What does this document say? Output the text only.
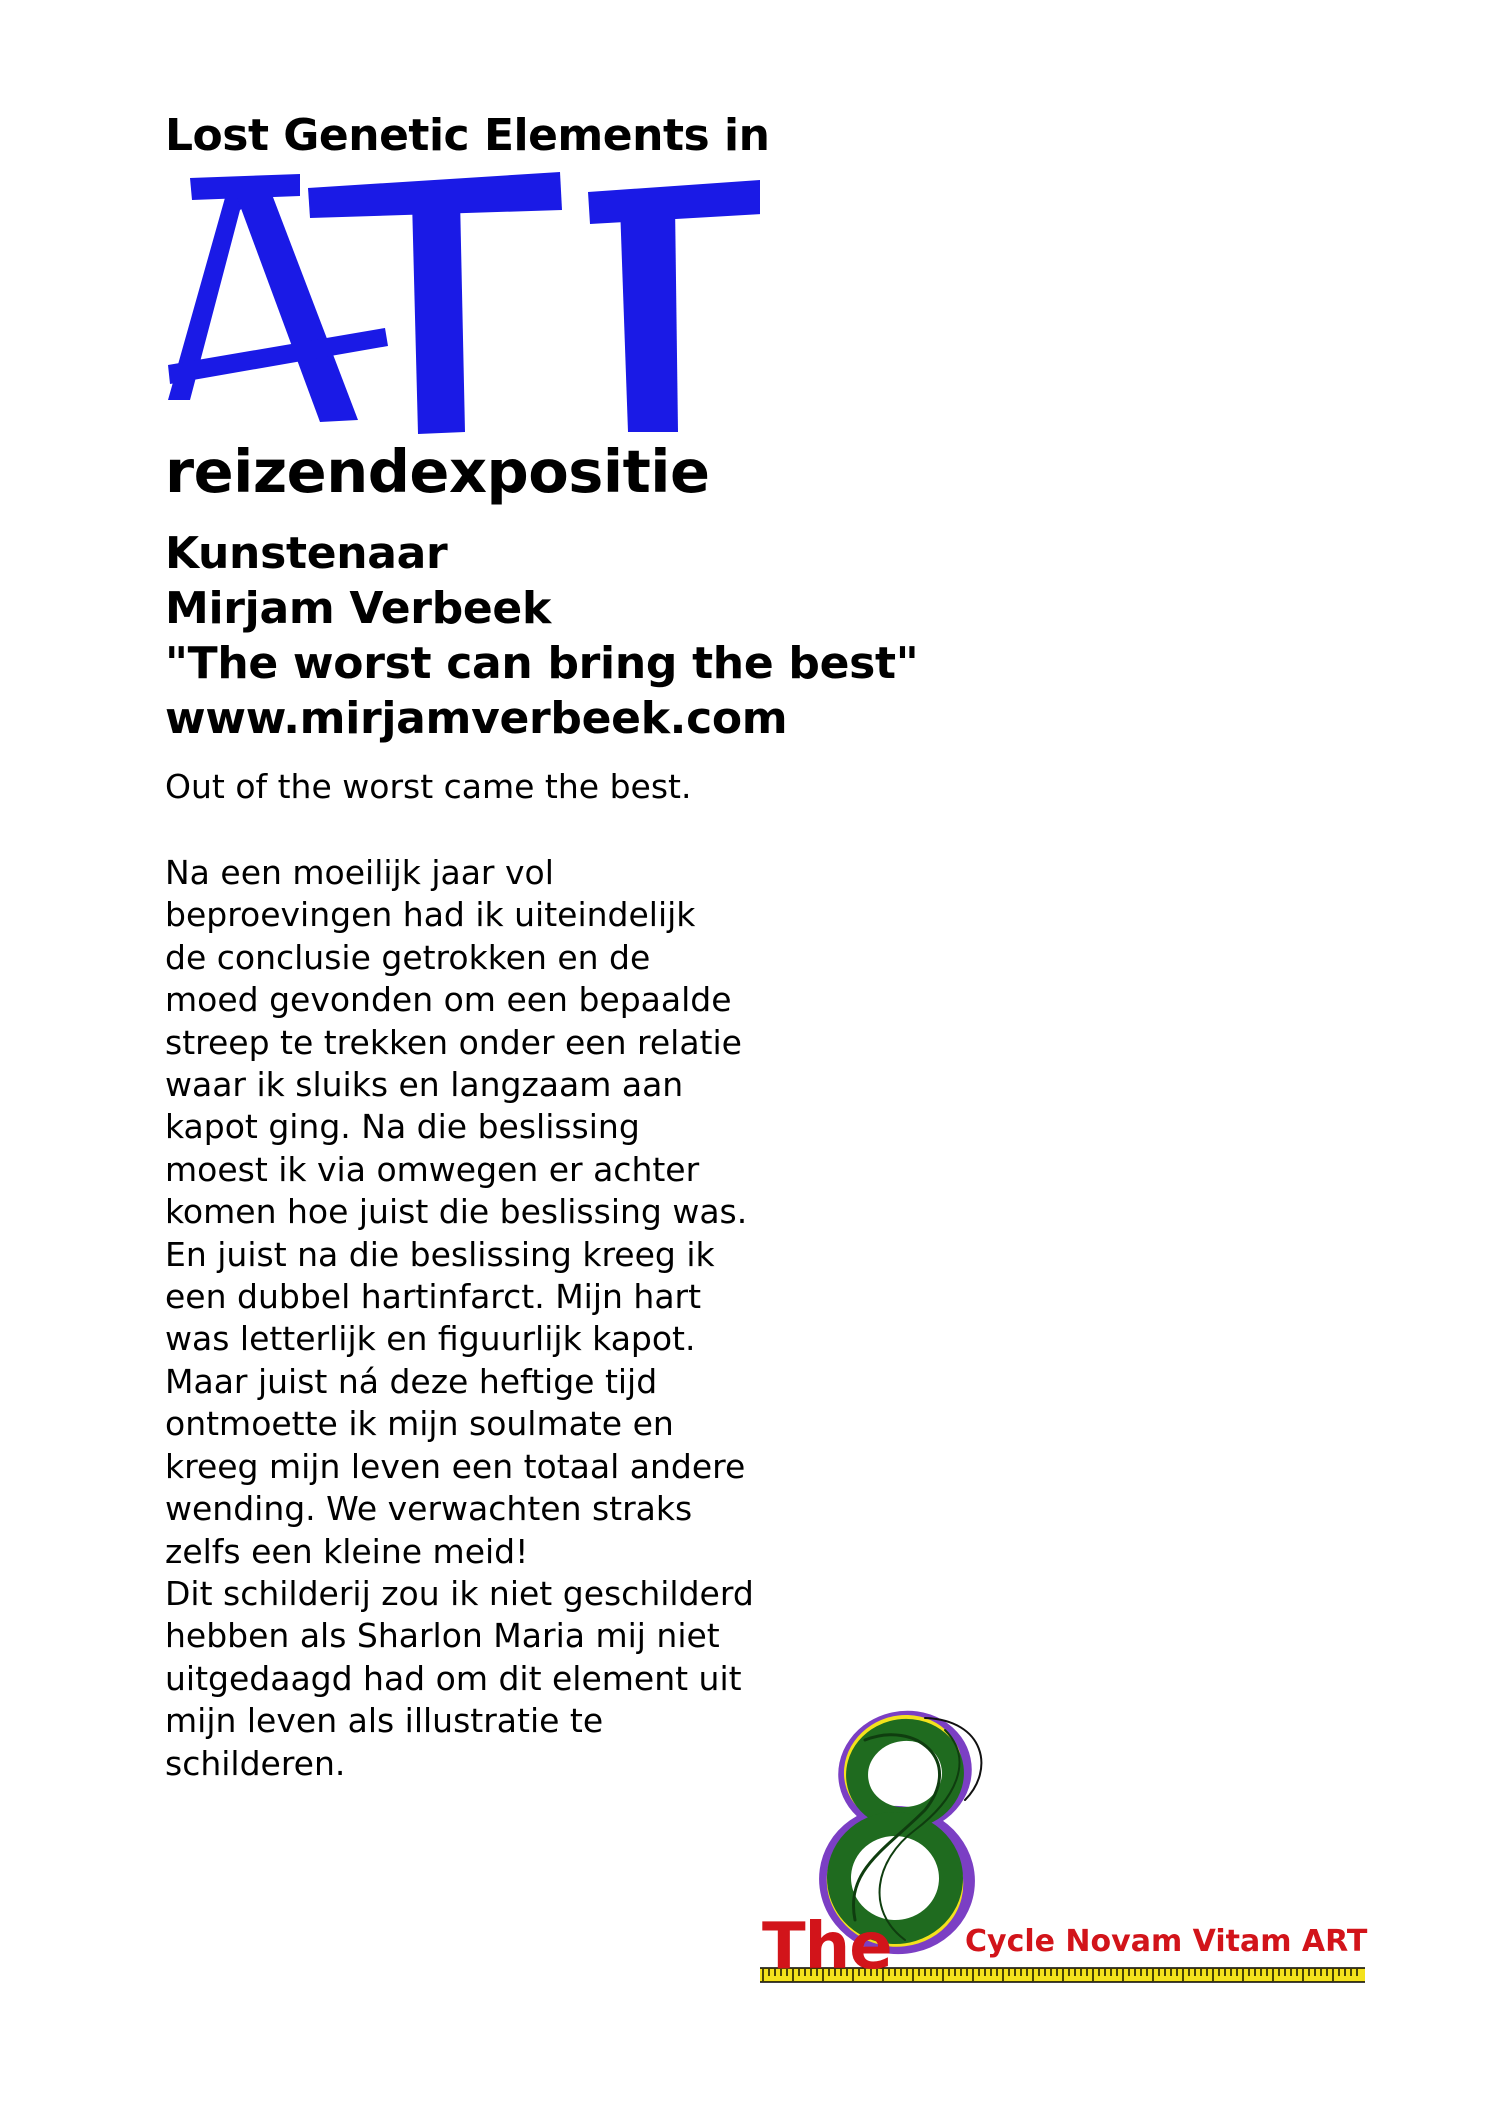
Lost Genetic Elements in
reizendexpositie
Kunstenaar
Mirjam Verbeek
"The worst can bring the best"
www.mirjamverbeek.com
Out of the worst came the best.
Na een moeilijk jaar vol
beproevingen had ik uiteindelijk
de conclusie getrokken en de
moed gevonden om een bepaalde
streep te trekken onder een relatie
waar ik sluiks en langzaam aan
kapot ging. Na die beslissing
moest ik via omwegen er achter
komen hoe juist die beslissing was.
En juist na die beslissing kreeg ik
een dubbel hartinfarct. Mijn hart
was letterlijk en figuurlijk kapot.
Maar juist ná deze heftige tijd
ontmoette ik mijn soulmate en
kreeg mijn leven een totaal andere
wending. We verwachten straks
zelfs een kleine meid!
Dit schilderij zou ik niet geschilderd
hebben als Sharlon Maria mij niet
uitgedaagd had om dit element uit
mijn leven als illustratie te
schilderen.
The Cycle Novam Vitam ART
